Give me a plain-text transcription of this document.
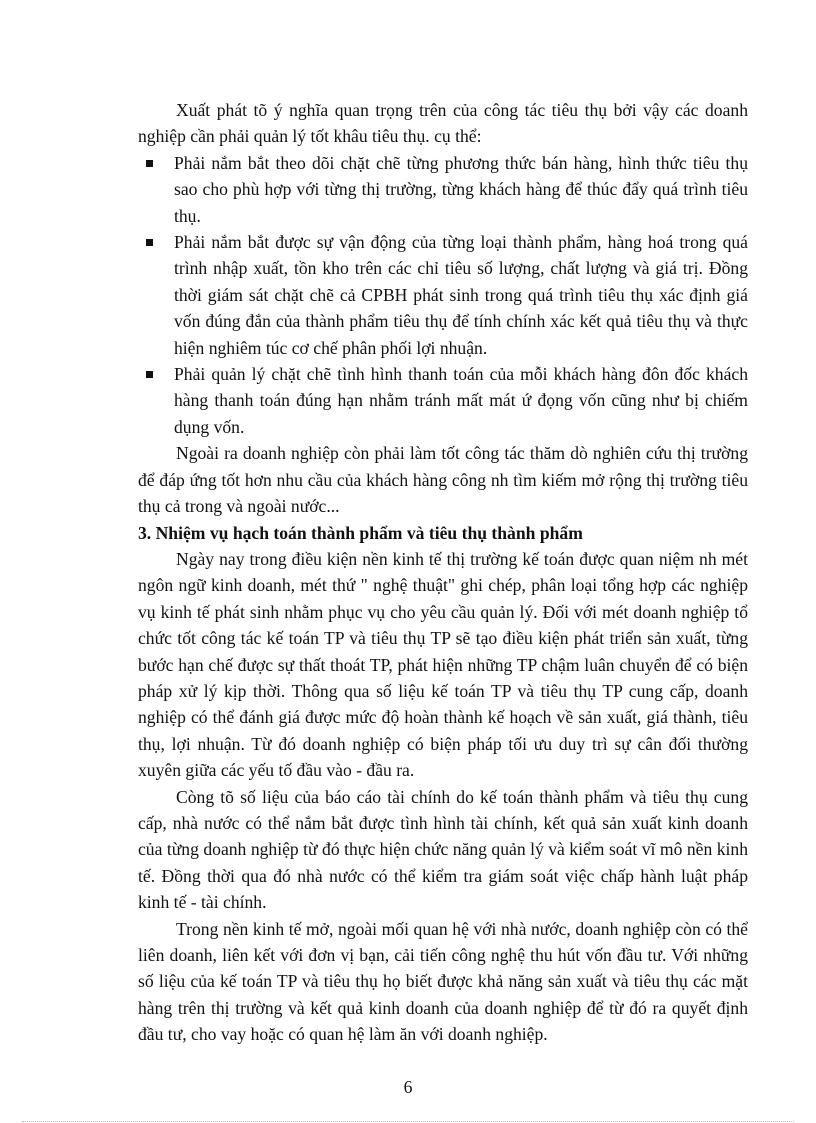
Xuất phát tõ ý nghĩa quan trọng trên của công tác tiêu thụ bởi vậy các doanh nghiệp cần phải quản lý tốt khâu tiêu thụ. cụ thể:

Phải nắm bắt theo dõi chặt chẽ từng phương thức bán hàng, hình thức tiêu thụ sao cho phù hợp với từng thị trường, từng khách hàng để thúc đẩy quá trình tiêu thụ.
Phải nắm bắt được sự vận động của từng loại thành phẩm, hàng hoá trong quá trình nhập xuất, tồn kho trên các chỉ tiêu số lượng, chất lượng và giá trị. Đồng thời giám sát chặt chẽ cả CPBH phát sinh trong quá trình tiêu thụ xác định giá vốn đúng đắn của thành phẩm tiêu thụ để tính chính xác kết quả tiêu thụ và thực hiện nghiêm túc cơ chế phân phối lợi nhuận.
Phải quản lý chặt chẽ tình hình thanh toán của mỗi khách hàng đôn đốc khách hàng thanh toán đúng hạn nhằm tránh mất mát ứ đọng vốn cũng như bị chiếm dụng vốn.

Ngoài ra doanh nghiệp còn phải làm tốt công tác thăm dò nghiên cứu thị trường để đáp ứng tốt hơn nhu cầu của khách hàng công nh tìm kiếm mở rộng thị trường tiêu thụ cả trong và ngoài nước...

3. Nhiệm vụ hạch toán thành phẩm và tiêu thụ thành phẩm

Ngày nay trong điều kiện nền kinh tế thị trường kế toán được quan niệm nh mét ngôn ngữ kinh doanh, mét thứ " nghệ thuật" ghi chép, phân loại tổng hợp các nghiệp vụ kinh tế phát sinh nhằm phục vụ cho yêu cầu quản lý. Đối với mét doanh nghiệp tổ chức tốt công tác kế toán TP và tiêu thụ TP sẽ tạo điều kiện phát triển sản xuất, từng bước hạn chế được sự thất thoát TP, phát hiện những TP chậm luân chuyển để có biện pháp xử lý kịp thời. Thông qua số liệu kế toán TP và tiêu thụ TP cung cấp, doanh nghiệp có thể đánh giá được mức độ hoàn thành kế hoạch về sản xuất, giá thành, tiêu thụ, lợi nhuận. Từ đó doanh nghiệp có biện pháp tối ưu duy trì sự cân đối thường xuyên giữa các yếu tố đầu vào - đầu ra.

Còng tõ số liệu của báo cáo tài chính do kế toán thành phẩm và tiêu thụ cung cấp, nhà nước có thể nắm bắt được tình hình tài chính, kết quả sản xuất kinh doanh của từng doanh nghiệp từ đó thực hiện chức năng quản lý và kiểm soát vĩ mô nền kinh tế. Đồng thời qua đó nhà nước có thể kiểm tra giám soát việc chấp hành luật pháp kinh tế - tài chính.

Trong nền kinh tế mở, ngoài mối quan hệ với nhà nước, doanh nghiệp còn có thể liên doanh, liên kết với đơn vị bạn, cải tiến công nghệ thu hút vốn đầu tư. Với những số liệu của kế toán TP và tiêu thụ họ biết được khả năng sản xuất và tiêu thụ các mặt hàng trên thị trường và kết quả kinh doanh của doanh nghiệp để từ đó ra quyết định đầu tư, cho vay hoặc có quan hệ làm ăn với doanh nghiệp.

6
